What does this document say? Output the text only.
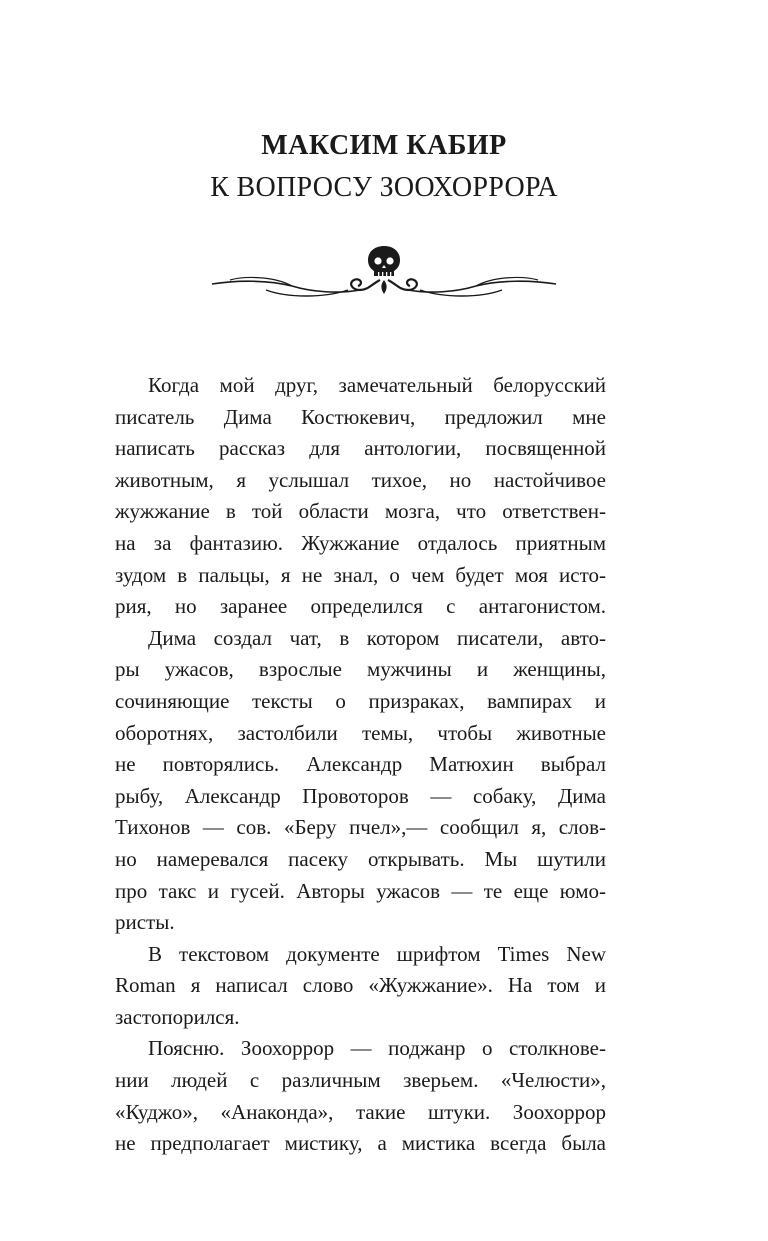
МАКСИМ КАБИР
К ВОПРОСУ ЗООХОРРОРА
Когда мой друг, замечательный белорусский
писатель Дима Костюкевич, предложил мне
написать рассказ для антологии, посвященной
животным, я услышал тихое, но настойчивое
жужжание в той области мозга, что ответствен-
на за фантазию. Жужжание отдалось приятным
зудом в пальцы, я не знал, о чем будет моя исто-
рия, но заранее определился с антагонистом.
Дима создал чат, в котором писатели, авто-
ры ужасов, взрослые мужчины и женщины,
сочиняющие тексты о призраках, вампирах и
оборотнях, застолбили темы, чтобы животные
не повторялись. Александр Матюхин выбрал
рыбу, Александр Провоторов — собаку, Дима
Тихонов — сов. «Беру пчел»,— сообщил я, слов-
но намеревался пасеку открывать. Мы шутили
про такс и гусей. Авторы ужасов — те еще юмо-
ристы.
В текстовом документе шрифтом Times New
Roman я написал слово «Жужжание». На том и
застопорился.
Поясню. Зоохоррор — поджанр о столкнове-
нии людей с различным зверьем. «Челюсти»,
«Куджо», «Анаконда», такие штуки. Зоохоррор
не предполагает мистику, а мистика всегда была
